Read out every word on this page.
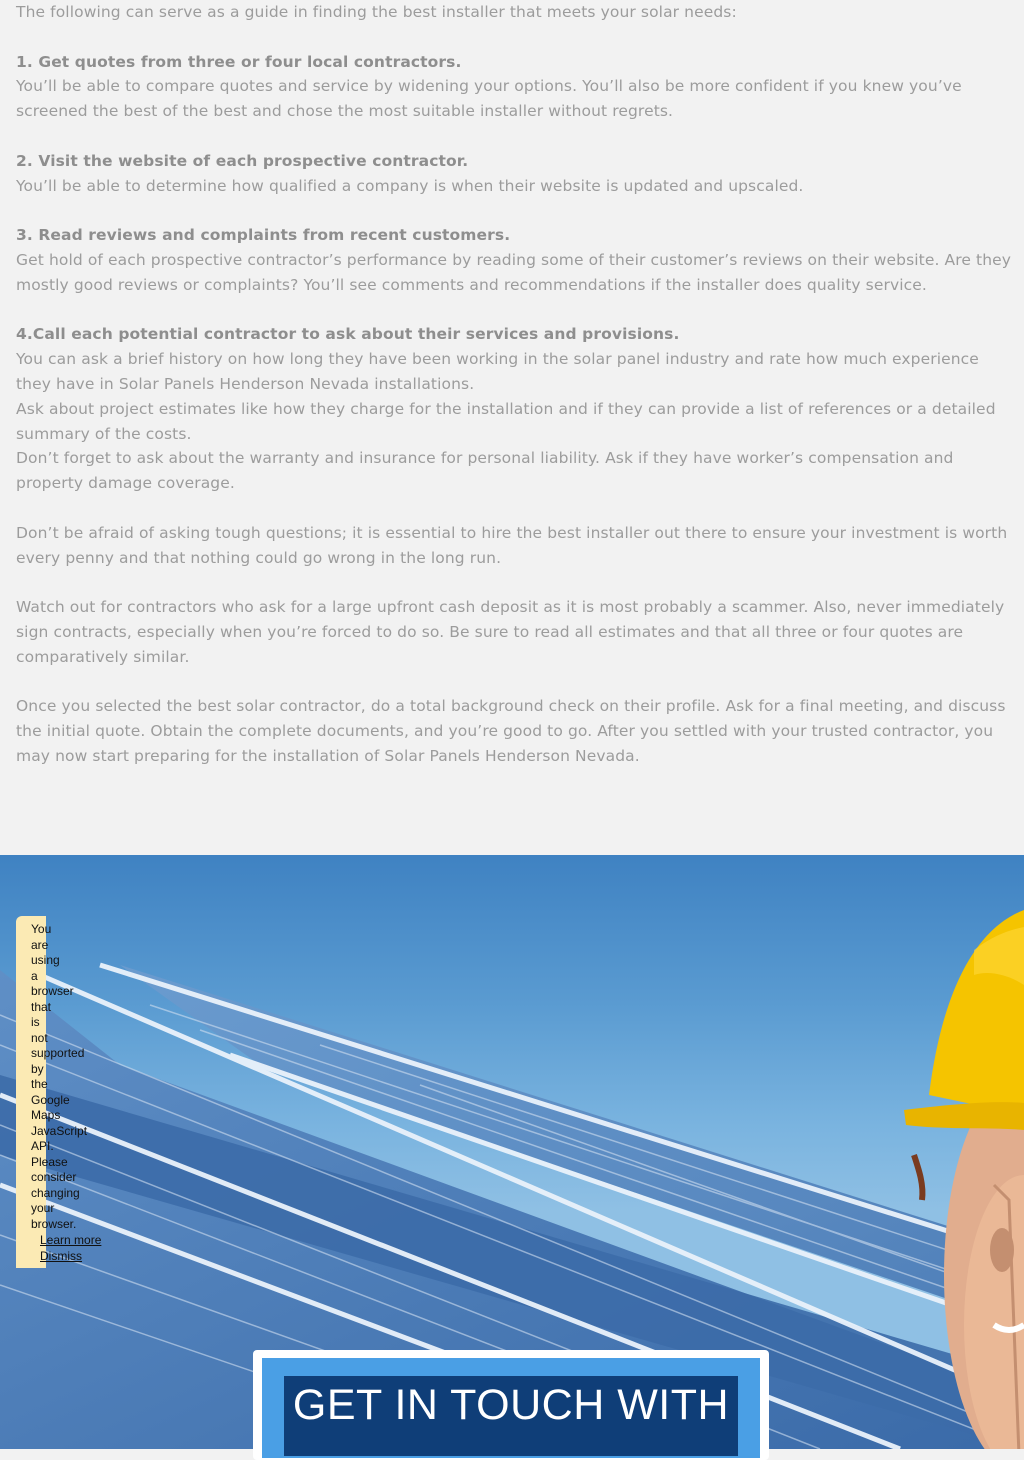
The following can serve as a guide in finding the best installer that meets your solar needs:

1. Get quotes from three or four local contractors.

You’ll be able to compare quotes and service by widening your options. You’ll also be more confident if you knew you’ve screened the best of the best and chose the most suitable installer without regrets.

2. Visit the website of each prospective contractor.

You’ll be able to determine how qualified a company is when their website is updated and upscaled.

3. Read reviews and complaints from recent customers.

Get hold of each prospective contractor’s performance by reading some of their customer’s reviews on their website. Are they mostly good reviews or complaints? You’ll see comments and recommendations if the installer does quality service.

4.Call each potential contractor to ask about their services and provisions.

You can ask a brief history on how long they have been working in the solar panel industry and rate how much experience they have in Solar Panels Henderson Nevada installations.

Ask about project estimates like how they charge for the installation and if they can provide a list of references or a detailed summary of the costs.

Don’t forget to ask about the warranty and insurance for personal liability. Ask if they have worker’s compensation and property damage coverage.

Don’t be afraid of asking tough questions; it is essential to hire the best installer out there to ensure your investment is worth every penny and that nothing could go wrong in the long run.

Watch out for contractors who ask for a large upfront cash deposit as it is most probably a scammer. Also, never immediately sign contracts, especially when you’re forced to do so. Be sure to read all estimates and that all three or four quotes are comparatively similar.

Once you selected the best solar contractor, do a total background check on their profile. Ask for a final meeting, and discuss the initial quote. Obtain the complete documents, and you’re good to go. After you settled with your trusted contractor, you may now start preparing for the installation of Solar Panels Henderson Nevada.

You are using a browser that is not supported by the Google Maps JavaScript API. Please consider changing your browser.
Learn more
Dismiss
GET IN TOUCH WITH
